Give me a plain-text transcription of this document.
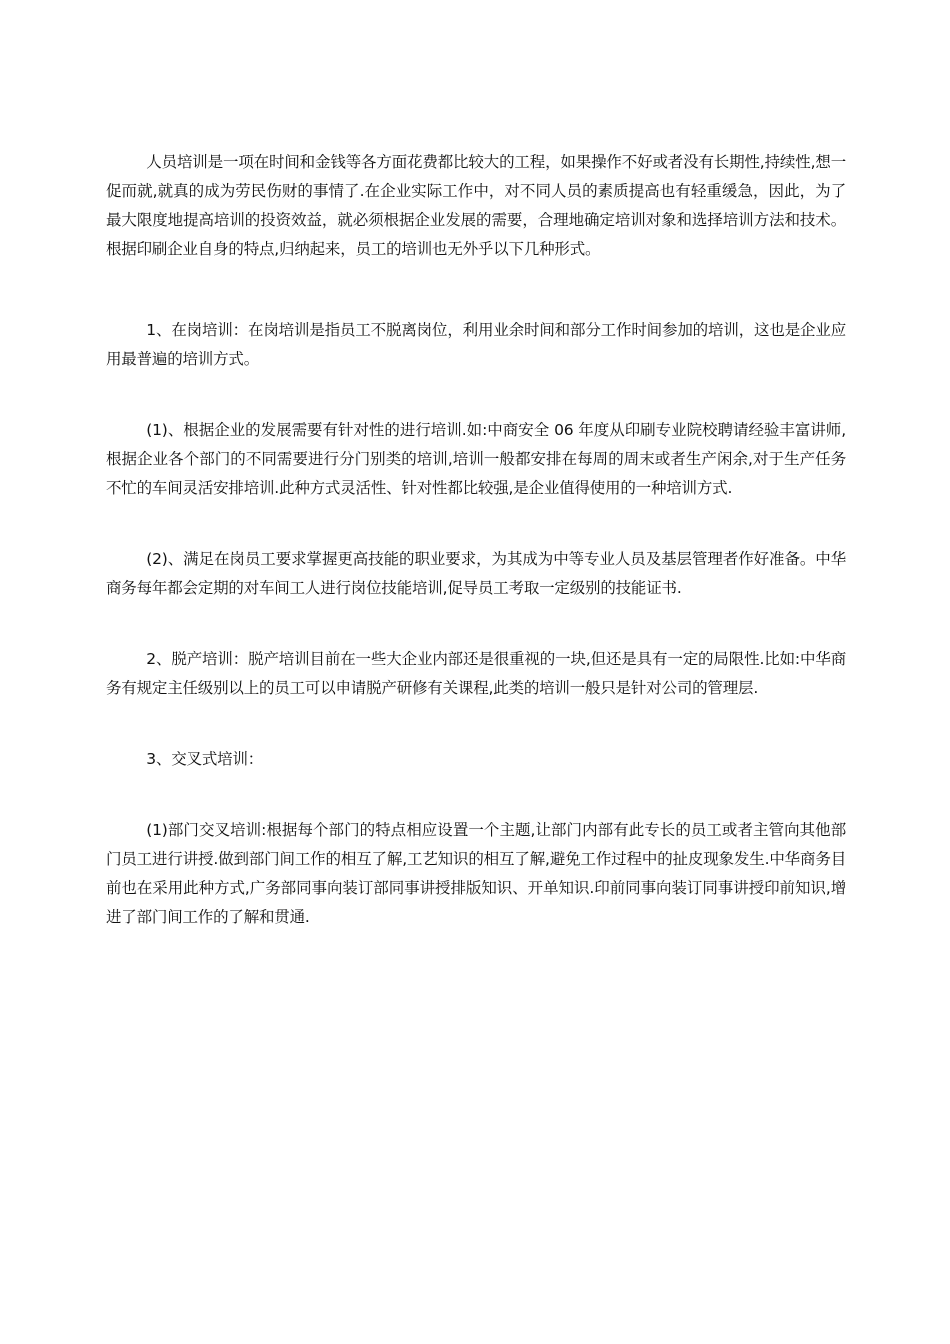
人员培训是一项在时间和金钱等各方面花费都比较大的工程，如果操作不好或者没有长期性,持续性,想一促而就,就真的成为劳民伤财的事情了.在企业实际工作中，对不同人员的素质提高也有轻重缓急，因此，为了最大限度地提高培训的投资效益，就必须根据企业发展的需要，合理地确定培训对象和选择培训方法和技术。根据印刷企业自身的特点,归纳起来，员工的培训也无外乎以下几种形式。

1、在岗培训：在岗培训是指员工不脱离岗位，利用业余时间和部分工作时间参加的培训，这也是企业应用最普遍的培训方式。

(1)、根据企业的发展需要有针对性的进行培训.如:中商安全 06 年度从印刷专业院校聘请经验丰富讲师,根据企业各个部门的不同需要进行分门别类的培训,培训一般都安排在每周的周末或者生产闲余,对于生产任务不忙的车间灵活安排培训.此种方式灵活性、针对性都比较强,是企业值得使用的一种培训方式.

(2)、满足在岗员工要求掌握更高技能的职业要求，为其成为中等专业人员及基层管理者作好准备。中华商务每年都会定期的对车间工人进行岗位技能培训,促导员工考取一定级别的技能证书.

2、脱产培训：脱产培训目前在一些大企业内部还是很重视的一块,但还是具有一定的局限性.比如:中华商务有规定主任级别以上的员工可以申请脱产研修有关课程,此类的培训一般只是针对公司的管理层.

3、交叉式培训：

(1)部门交叉培训:根据每个部门的特点相应设置一个主题,让部门内部有此专长的员工或者主管向其他部门员工进行讲授.做到部门间工作的相互了解,工艺知识的相互了解,避免工作过程中的扯皮现象发生.中华商务目前也在采用此种方式,广务部同事向装订部同事讲授排版知识、开单知识.印前同事向装订同事讲授印前知识,增进了部门间工作的了解和贯通.
